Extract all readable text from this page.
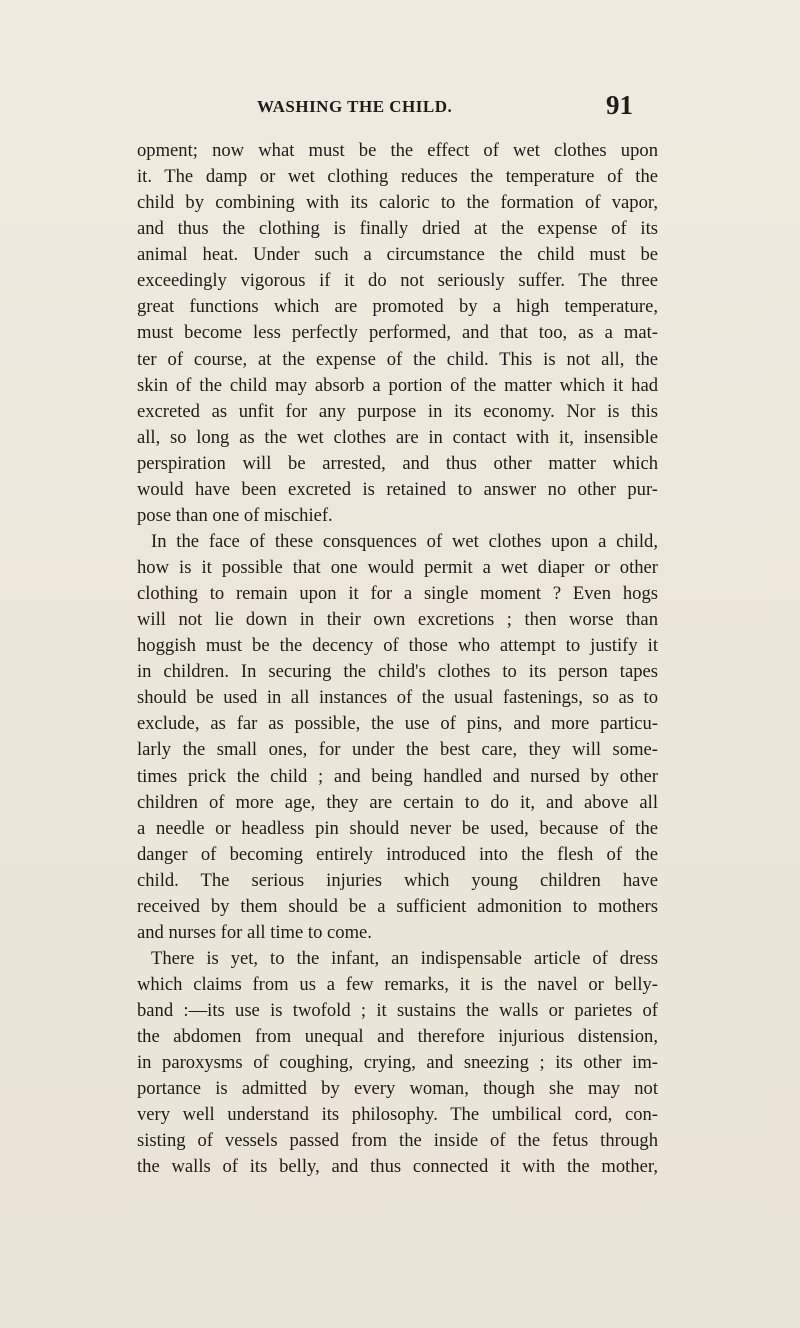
WASHING THE CHILD.	91
opment; now what must be the effect of wet clothes upon
it. The damp or wet clothing reduces the temperature of the
child by combining with its caloric to the formation of vapor,
and thus the clothing is finally dried at the expense of its
animal heat. Under such a circumstance the child must be
exceedingly vigorous if it do not seriously suffer. The three
great functions which are promoted by a high temperature,
must become less perfectly performed, and that too, as a mat-
ter of course, at the expense of the child. This is not all, the
skin of the child may absorb a portion of the matter which it had
excreted as unfit for any purpose in its economy. Nor is this
all, so long as the wet clothes are in contact with it, insensible
perspiration will be arrested, and thus other matter which
would have been excreted is retained to answer no other pur-
pose than one of mischief.
In the face of these consquences of wet clothes upon a child,
how is it possible that one would permit a wet diaper or other
clothing to remain upon it for a single moment ? Even hogs
will not lie down in their own excretions ; then worse than
hoggish must be the decency of those who attempt to justify it
in children. In securing the child's clothes to its person tapes
should be used in all instances of the usual fastenings, so as to
exclude, as far as possible, the use of pins, and more particu-
larly the small ones, for under the best care, they will some-
times prick the child ; and being handled and nursed by other
children of more age, they are certain to do it, and above all
a needle or headless pin should never be used, because of the
danger of becoming entirely introduced into the flesh of the
child. The serious injuries which young children have
received by them should be a sufficient admonition to mothers
and nurses for all time to come.
There is yet, to the infant, an indispensable article of dress
which claims from us a few remarks, it is the navel or belly-
band :—its use is twofold ; it sustains the walls or parietes of
the abdomen from unequal and therefore injurious distension,
in paroxysms of coughing, crying, and sneezing ; its other im-
portance is admitted by every woman, though she may not
very well understand its philosophy. The umbilical cord, con-
sisting of vessels passed from the inside of the fetus through
the walls of its belly, and thus connected it with the mother,
